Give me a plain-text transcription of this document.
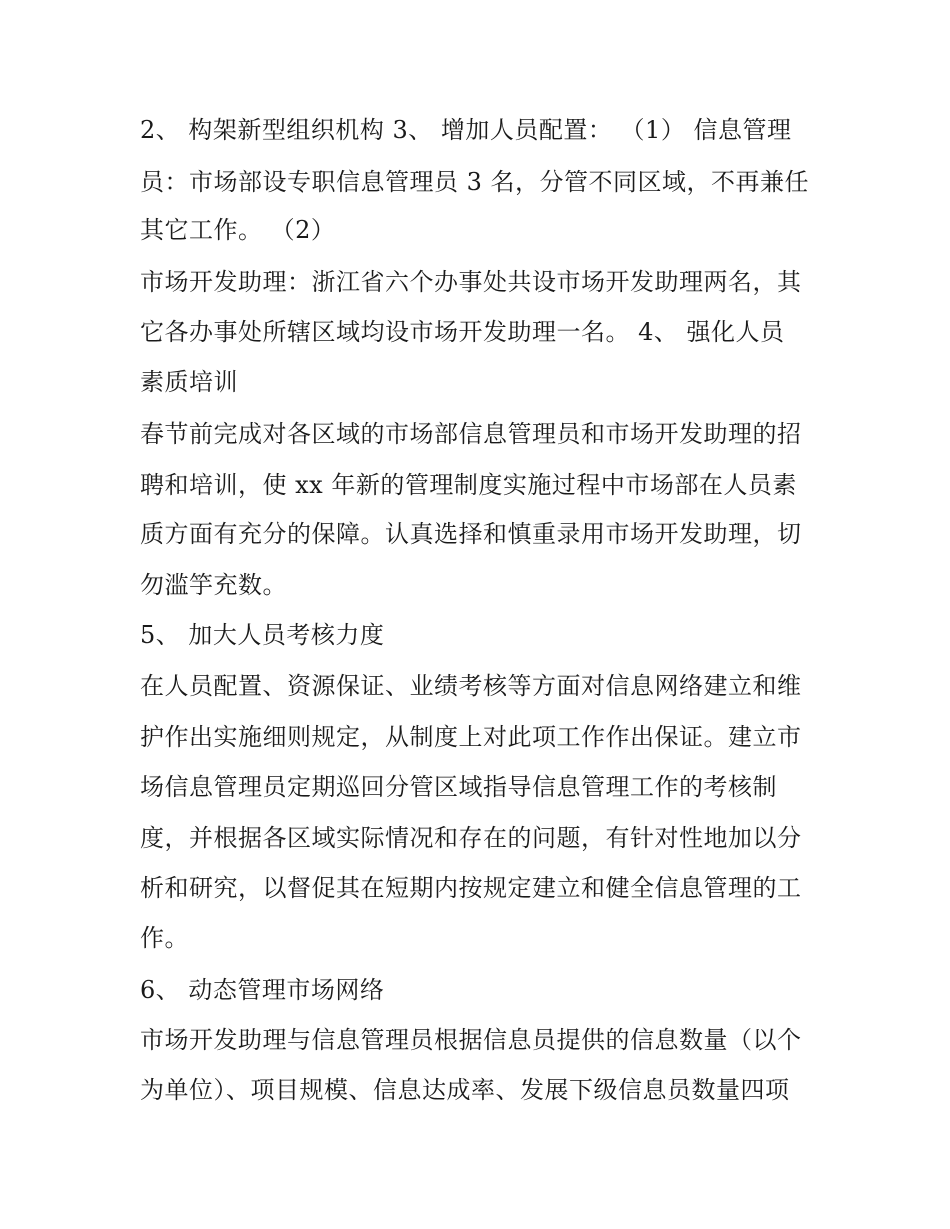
2、 构架新型组织机构 3、 增加人员配置： （1） 信息管理
员：市场部设专职信息管理员 3 名，分管不同区域，不再兼任
其它工作。 （2）
市场开发助理：浙江省六个办事处共设市场开发助理两名，其
它各办事处所辖区域均设市场开发助理一名。 4、 强化人员
素质培训
春节前完成对各区域的市场部信息管理员和市场开发助理的招
聘和培训，使 xx 年新的管理制度实施过程中市场部在人员素
质方面有充分的保障。认真选择和慎重录用市场开发助理，切
勿滥竽充数。
5、 加大人员考核力度
在人员配置、资源保证、业绩考核等方面对信息网络建立和维
护作出实施细则规定，从制度上对此项工作作出保证。建立市
场信息管理员定期巡回分管区域指导信息管理工作的考核制
度，并根据各区域实际情况和存在的问题，有针对性地加以分
析和研究，以督促其在短期内按规定建立和健全信息管理的工
作。
6、 动态管理市场网络
市场开发助理与信息管理员根据信息员提供的信息数量（以个
为单位）、项目规模、信息达成率、发展下级信息员数量四项
